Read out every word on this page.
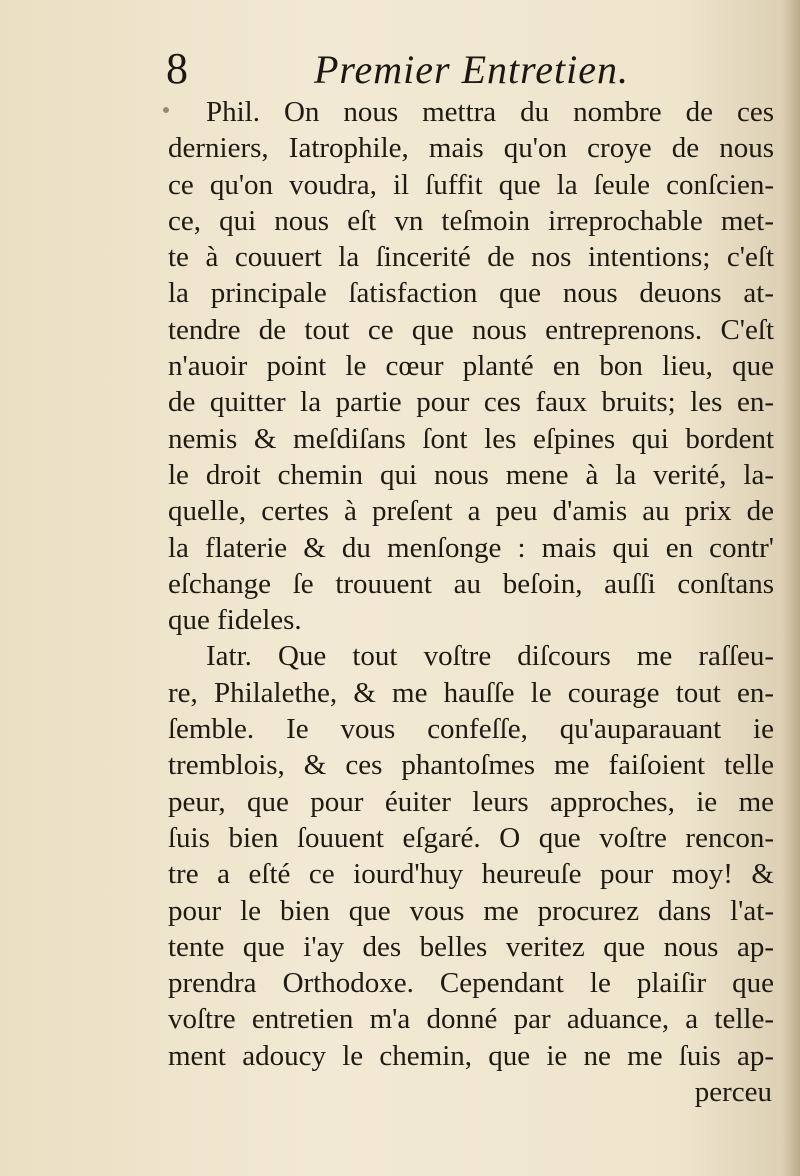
8	Premier Entretien.
Phil. On nous mettra du nombre de ces
derniers, Iatrophile, mais qu'on croye de nous
ce qu'on voudra, il ſuffit que la ſeule conſcien-
ce, qui nous eſt vn teſmoin irreprochable met-
te à couuert la ſincerité de nos intentions; c'eſt
la principale ſatisfaction que nous deuons at-
tendre de tout ce que nous entreprenons. C'eſt
n'auoir point le cœur planté en bon lieu, que
de quitter la partie pour ces faux bruits; les en-
nemis & meſdiſans ſont les eſpines qui bordent
le droit chemin qui nous mene à la verité, la-
quelle, certes à preſent a peu d'amis au prix de
la flaterie & du menſonge : mais qui en contr'
eſchange ſe trouuent au beſoin, auſſi conſtans
que fideles.
Iatr. Que tout voſtre diſcours me raſſeu-
re, Philalethe, & me hauſſe le courage tout en-
ſemble. Ie vous confeſſe, qu'auparauant ie
tremblois, & ces phantoſmes me faiſoient telle
peur, que pour éuiter leurs approches, ie me
ſuis bien ſouuent eſgaré. O que voſtre rencon-
tre a eſté ce iourd'huy heureuſe pour moy! &
pour le bien que vous me procurez dans l'at-
tente que i'ay des belles veritez que nous ap-
prendra Orthodoxe. Cependant le plaiſir que
voſtre entretien m'a donné par aduance, a telle-
ment adoucy le chemin, que ie ne me ſuis ap-
perceu
